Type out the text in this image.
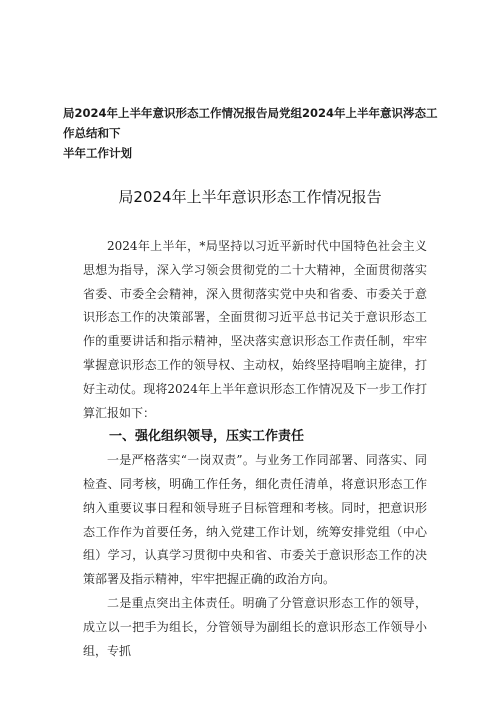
局2024年上半年意识形态工作情况报告局党组2024年上半年意识涔态工作总结和下
半年工作计划
局2024年上半年意识形态工作情况报告

2024年上半年，*局坚持以习近平新时代中国特色社会主义思想为指导，深入学习领会贯彻党的二十大精神，全面贯彻落实省委、市委全会精神，深入贯彻落实党中央和省委、市委关于意识形态工作的决策部署，全面贯彻习近平总书记关于意识形态工作的重要讲话和指示精神，坚决落实意识形态工作责任制，牢牢掌握意识形态工作的领导权、主动权，始终坚持唱响主旋律，打好主动仗。现将2024年上半年意识形态工作情况及下一步工作打算汇报如下：

一、强化组织领导，压实工作责任

一是严格落实“一岗双责”。与业务工作同部署、同落实、同检查、同考核，明确工作任务，细化责任清单，将意识形态工作纳入重要议事日程和领导班子目标管理和考核。同时，把意识形态工作作为首要任务，纳入党建工作计划，统筹安排党组（中心组）学习，认真学习贯彻中央和省、市委关于意识形态工作的决策部署及指示精神，牢牢把握正确的政治方向。

二是重点突出主体责任。明确了分管意识形态工作的领导，成立以一把手为组长，分管领导为副组长的意识形态工作领导小组，专抓
